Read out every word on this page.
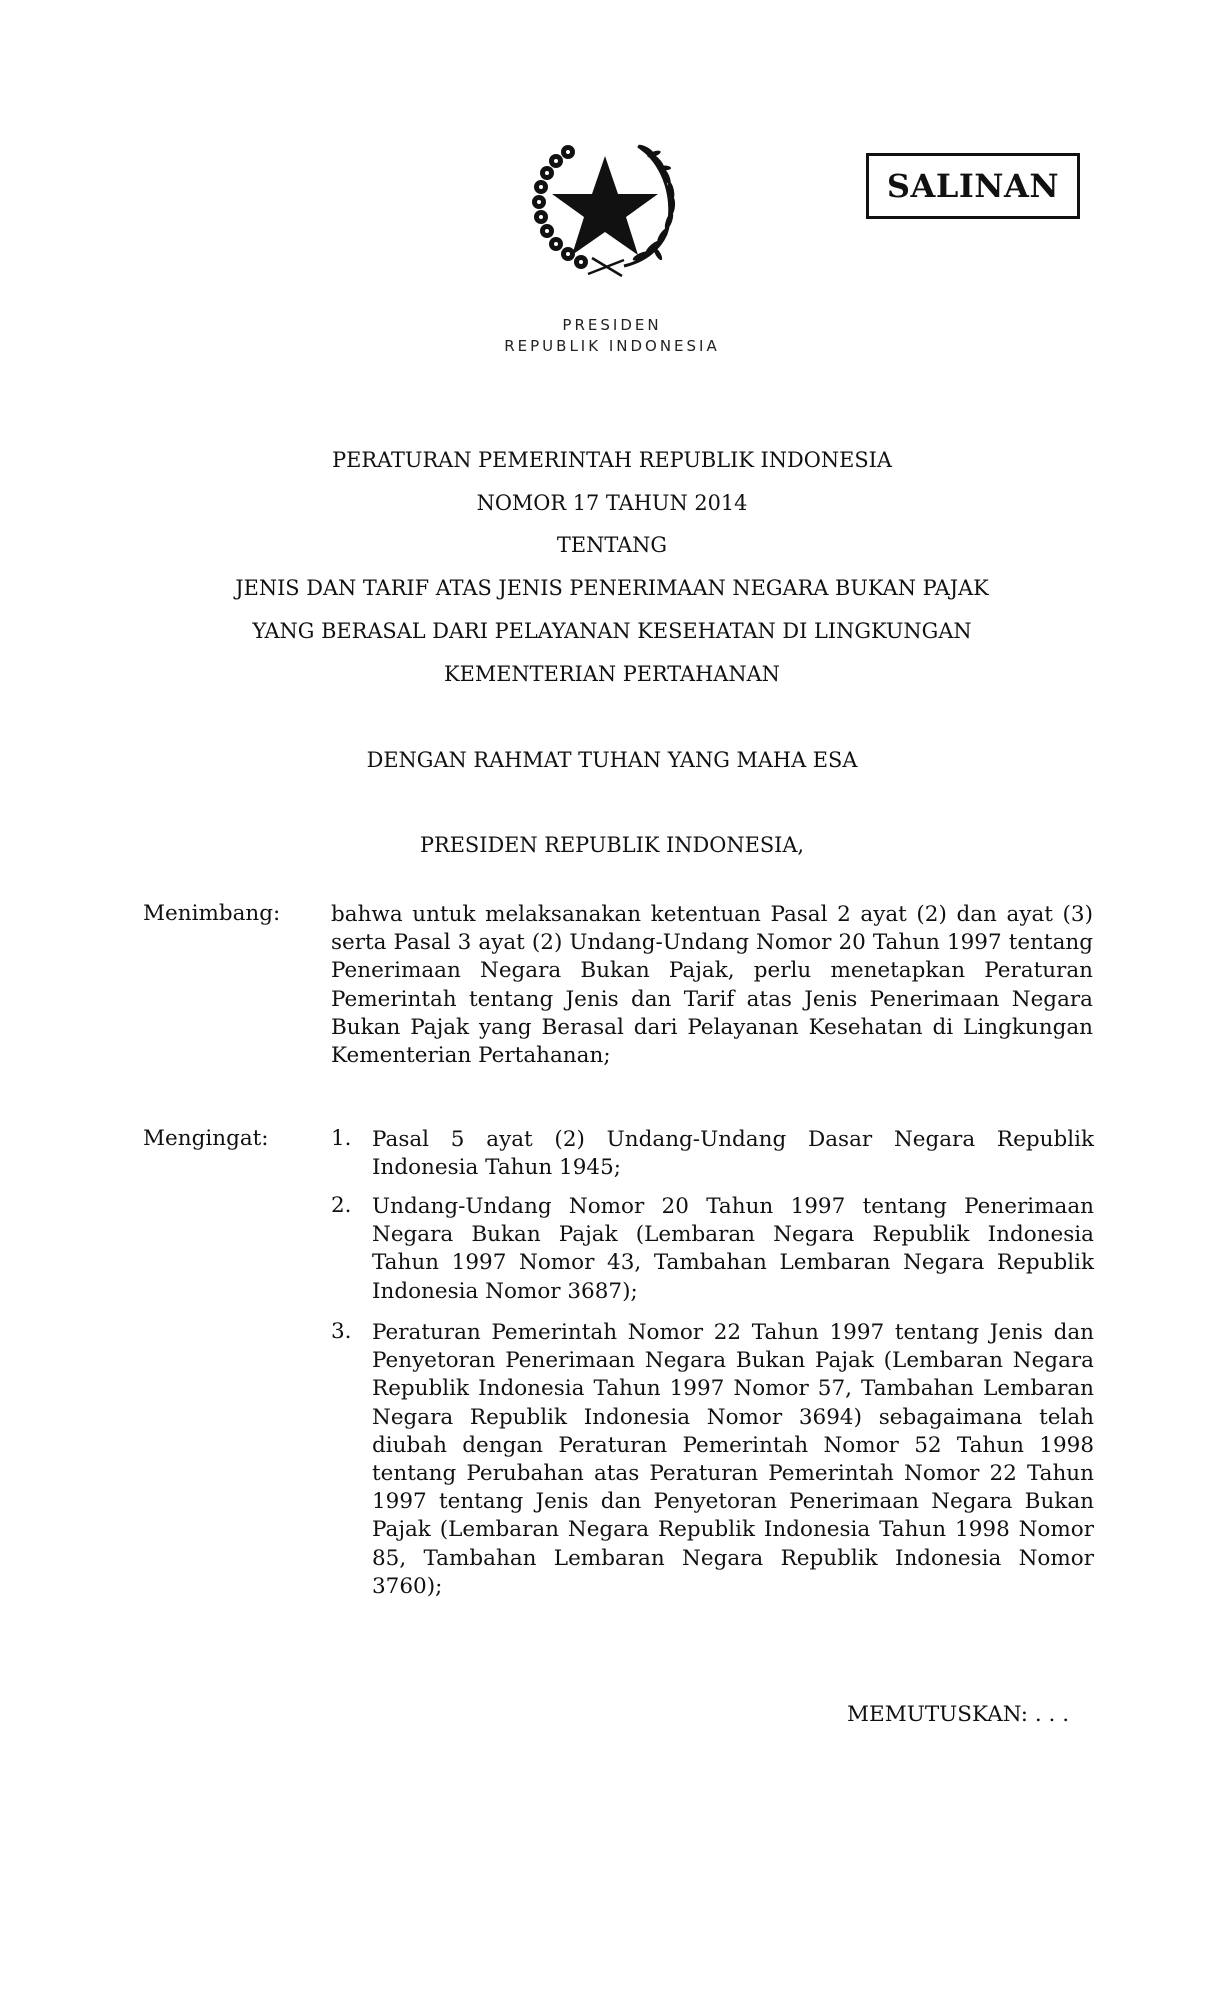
PRESIDEN
REPUBLIK INDONESIA
SALINAN
PERATURAN PEMERINTAH REPUBLIK INDONESIA
NOMOR 17 TAHUN 2014
TENTANG
JENIS DAN TARIF ATAS JENIS PENERIMAAN NEGARA BUKAN PAJAK
YANG BERASAL DARI PELAYANAN KESEHATAN DI LINGKUNGAN
KEMENTERIAN PERTAHANAN
DENGAN RAHMAT TUHAN YANG MAHA ESA
PRESIDEN REPUBLIK INDONESIA,
Menimbang: bahwa untuk melaksanakan ketentuan Pasal 2 ayat (2) dan ayat (3) serta Pasal 3 ayat (2) Undang-Undang Nomor 20 Tahun 1997 tentang Penerimaan Negara Bukan Pajak, perlu menetapkan Peraturan Pemerintah tentang Jenis dan Tarif atas Jenis Penerimaan Negara Bukan Pajak yang Berasal dari Pelayanan Kesehatan di Lingkungan Kementerian Pertahanan;
Mengingat:	1. Pasal 5 ayat (2) Undang-Undang Dasar Negara Republik Indonesia Tahun 1945;
2. Undang-Undang Nomor 20 Tahun 1997 tentang Penerimaan Negara Bukan Pajak (Lembaran Negara Republik Indonesia Tahun 1997 Nomor 43, Tambahan Lembaran Negara Republik Indonesia Nomor 3687);
3. Peraturan Pemerintah Nomor 22 Tahun 1997 tentang Jenis dan Penyetoran Penerimaan Negara Bukan Pajak (Lembaran Negara Republik Indonesia Tahun 1997 Nomor 57, Tambahan Lembaran Negara Republik Indonesia Nomor 3694) sebagaimana telah diubah dengan Peraturan Pemerintah Nomor 52 Tahun 1998 tentang Perubahan atas Peraturan Pemerintah Nomor 22 Tahun 1997 tentang Jenis dan Penyetoran Penerimaan Negara Bukan Pajak (Lembaran Negara Republik Indonesia Tahun 1998 Nomor 85, Tambahan Lembaran Negara Republik Indonesia Nomor 3760);
MEMUTUSKAN: . . .
